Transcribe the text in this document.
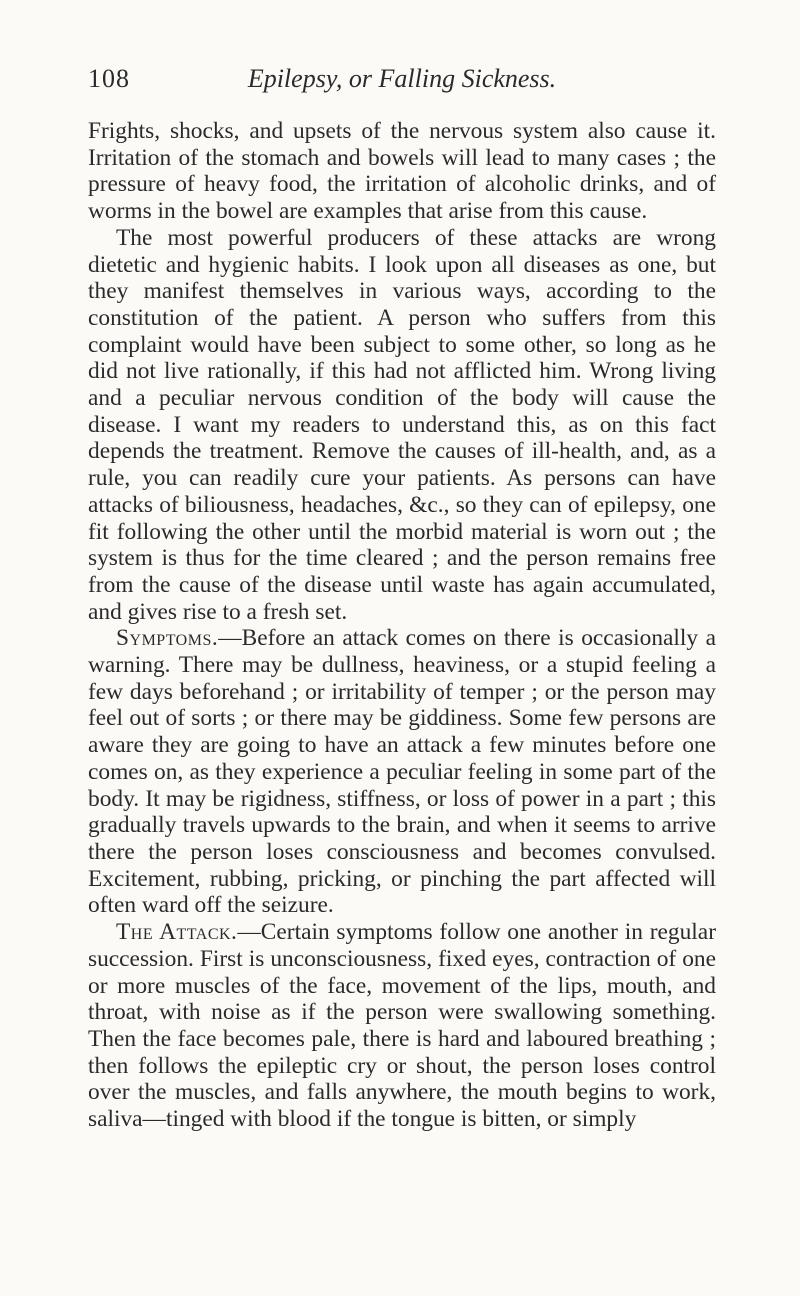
108	Epilepsy, or Falling Sickness.

Frights, shocks, and upsets of the nervous system also cause it. Irritation of the stomach and bowels will lead to many cases ; the pressure of heavy food, the irritation of alcoholic drinks, and of worms in the bowel are examples that arise from this cause.

The most powerful producers of these attacks are wrong dietetic and hygienic habits. I look upon all diseases as one, but they manifest themselves in various ways, according to the constitution of the patient. A person who suffers from this complaint would have been subject to some other, so long as he did not live rationally, if this had not afflicted him. Wrong living and a peculiar nervous condition of the body will cause the disease. I want my readers to understand this, as on this fact depends the treatment. Remove the causes of ill-health, and, as a rule, you can readily cure your patients. As persons can have attacks of biliousness, headaches, &c., so they can of epilepsy, one fit following the other until the morbid material is worn out ; the system is thus for the time cleared ; and the person remains free from the cause of the disease until waste has again accumulated, and gives rise to a fresh set.

Symptoms.—Before an attack comes on there is occasionally a warning. There may be dullness, heaviness, or a stupid feeling a few days beforehand ; or irritability of temper ; or the person may feel out of sorts ; or there may be giddiness. Some few persons are aware they are going to have an attack a few minutes before one comes on, as they experience a peculiar feeling in some part of the body. It may be rigidness, stiffness, or loss of power in a part ; this gradually travels upwards to the brain, and when it seems to arrive there the person loses consciousness and becomes convulsed. Excitement, rubbing, pricking, or pinching the part affected will often ward off the seizure.

The Attack.—Certain symptoms follow one another in regular succession. First is unconsciousness, fixed eyes, contraction of one or more muscles of the face, movement of the lips, mouth, and throat, with noise as if the person were swallowing something. Then the face becomes pale, there is hard and laboured breathing ; then follows the epileptic cry or shout, the person loses control over the muscles, and falls anywhere, the mouth begins to work, saliva—tinged with blood if the tongue is bitten, or simply
